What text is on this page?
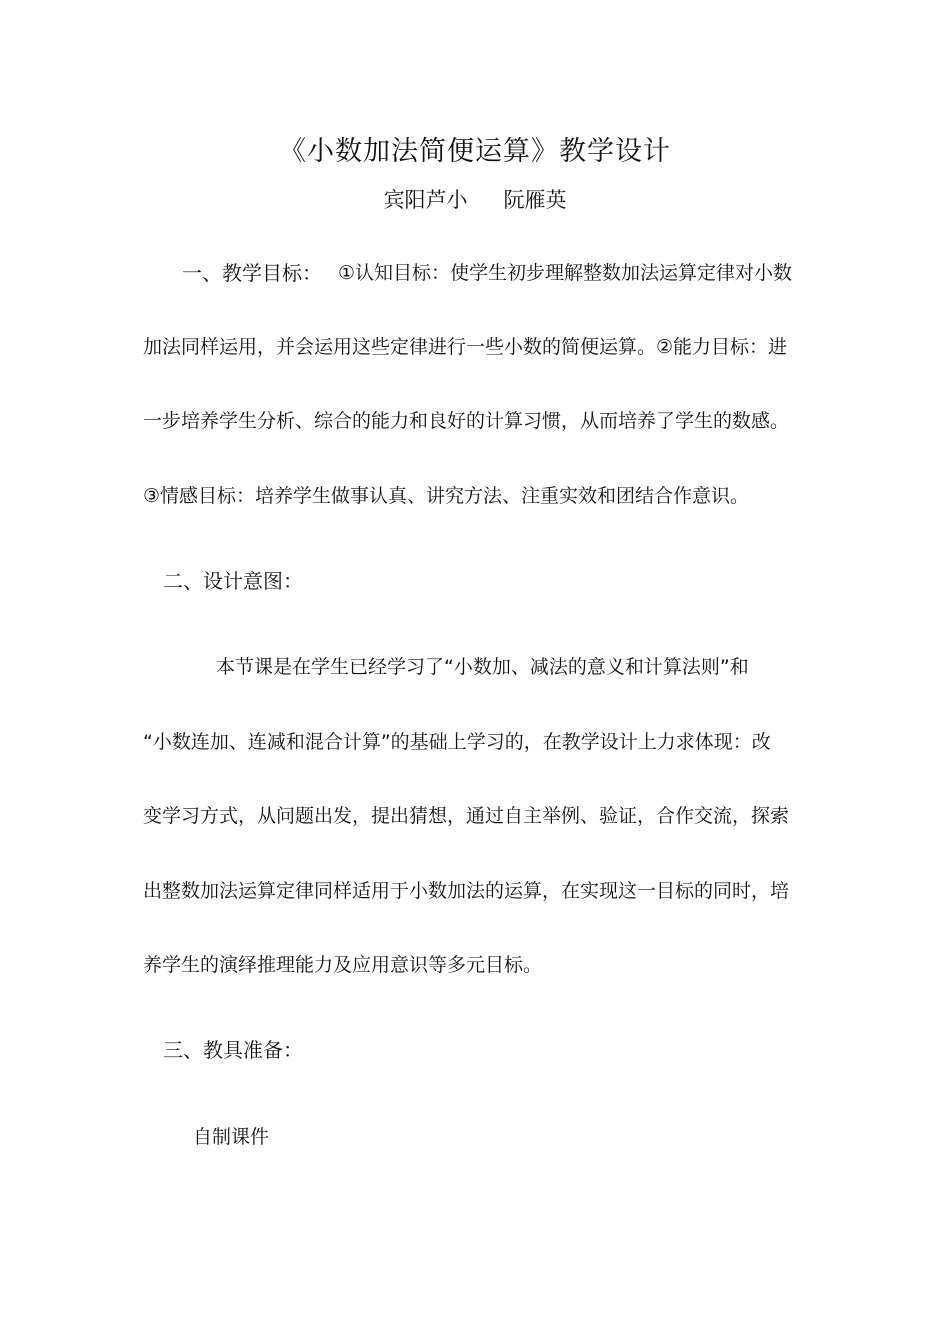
《小数加法简便运算》教学设计
宾阳芦小 阮雁英
一、教学目标： ①认知目标：使学生初步理解整数加法运算定律对小数
加法同样运用，并会运用这些定律进行一些小数的简便运算。②能力目标：进
一步培养学生分析、综合的能力和良好的计算习惯，从而培养了学生的数感。
③情感目标：培养学生做事认真、讲究方法、注重实效和团结合作意识。
二、设计意图：
本节课是在学生已经学习了“小数加、减法的意义和计算法则”和
“小数连加、连减和混合计算”的基础上学习的，在教学设计上力求体现：改
变学习方式，从问题出发，提出猜想，通过自主举例、验证，合作交流，探索
出整数加法运算定律同样适用于小数加法的运算，在实现这一目标的同时，培
养学生的演绎推理能力及应用意识等多元目标。
三、教具准备：
自制课件
